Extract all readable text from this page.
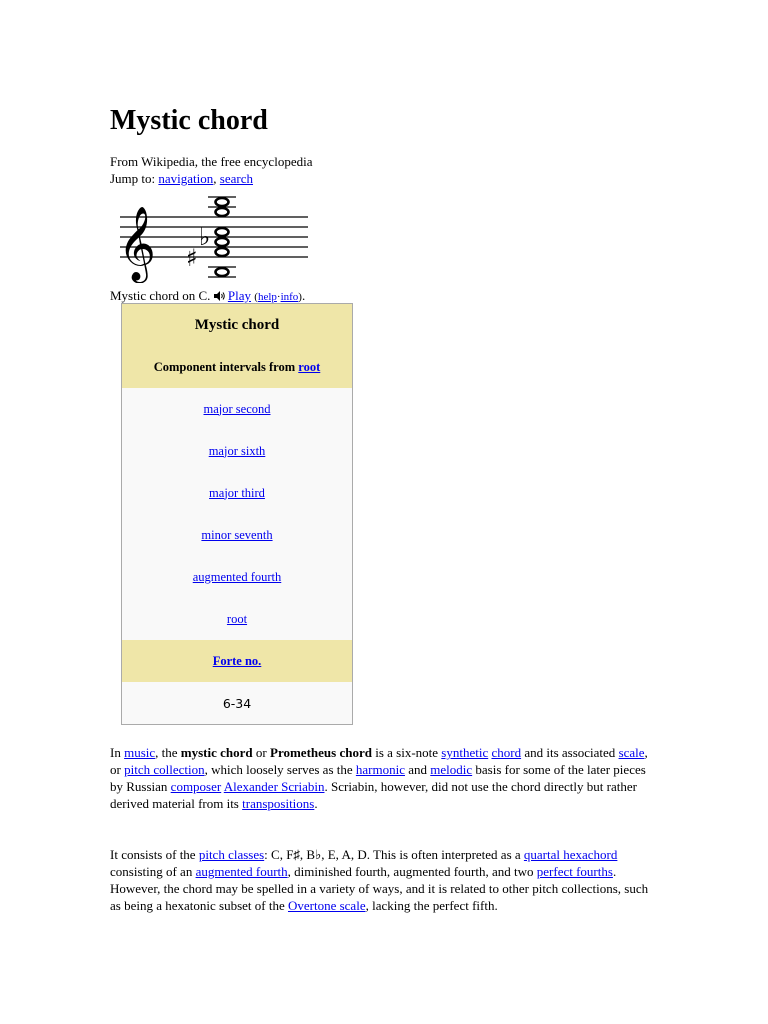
Mystic chord
From Wikipedia, the free encyclopedia
Jump to: navigation, search
𝄞 ♯
♭
Mystic chord on C. Play (help·info).
Mystic chord
Component intervals from root
major second
major sixth
major third
minor seventh
augmented fourth
root
Forte no.
6-34

In music, the mystic chord or Prometheus chord is a six-note synthetic chord and its associated scale, or pitch collection, which loosely serves as the harmonic and melodic basis for some of the later pieces by Russian composer Alexander Scriabin. Scriabin, however, did not use the chord directly but rather derived material from its transpositions.

It consists of the pitch classes: C, F♯, B♭, E, A, D. This is often interpreted as a quartal hexachord consisting of an augmented fourth, diminished fourth, augmented fourth, and two perfect fourths. However, the chord may be spelled in a variety of ways, and it is related to other pitch collections, such as being a hexatonic subset of the Overtone scale, lacking the perfect fifth.
